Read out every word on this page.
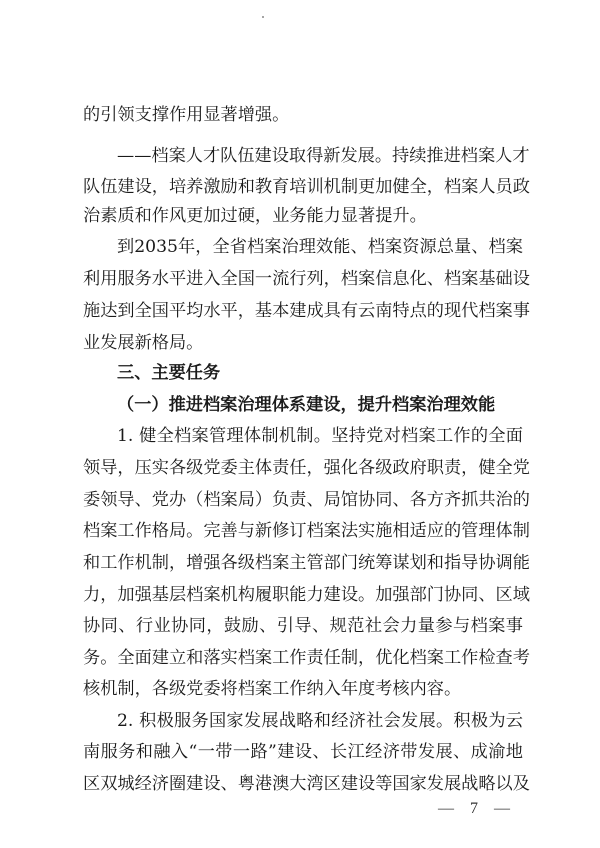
的引领支撑作用显著增强。
——档案人才队伍建设取得新发展。持续推进档案人才
队伍建设，培养激励和教育培训机制更加健全，档案人员政
治素质和作风更加过硬，业务能力显著提升。
到2035年，全省档案治理效能、档案资源总量、档案
利用服务水平进入全国一流行列，档案信息化、档案基础设
施达到全国平均水平，基本建成具有云南特点的现代档案事
业发展新格局。
三、主要任务
（一）推进档案治理体系建设，提升档案治理效能
1. 健全档案管理体制机制。坚持党对档案工作的全面
领导，压实各级党委主体责任，强化各级政府职责，健全党
委领导、党办（档案局）负责、局馆协同、各方齐抓共治的
档案工作格局。完善与新修订档案法实施相适应的管理体制
和工作机制，增强各级档案主管部门统筹谋划和指导协调能
力，加强基层档案机构履职能力建设。加强部门协同、区域
协同、行业协同，鼓励、引导、规范社会力量参与档案事
务。全面建立和落实档案工作责任制，优化档案工作检查考
核机制，各级党委将档案工作纳入年度考核内容。
2. 积极服务国家发展战略和经济社会发展。积极为云
南服务和融入“一带一路”建设、长江经济带发展、成渝地
区双城经济圈建设、粤港澳大湾区建设等国家发展战略以及
— 7 —
